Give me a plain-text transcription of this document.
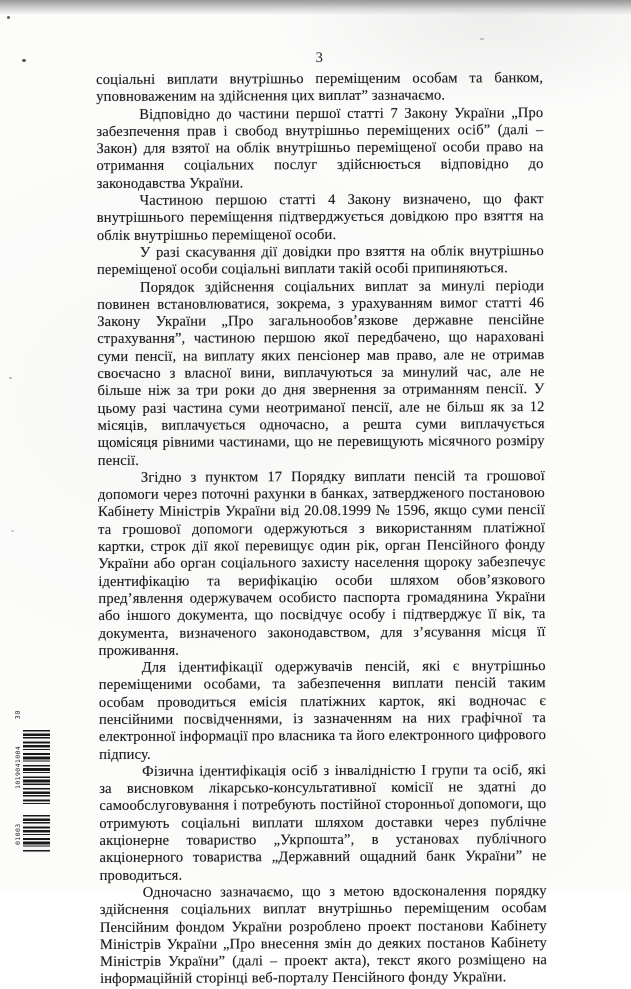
3

соціальні виплати внутрішньо переміщеним особам та банком, уповноваженим на здійснення цих виплат” зазначаємо.

Відповідно до частини першої статті 7 Закону України „Про забезпечення прав і свобод внутрішньо переміщених осіб” (далі – Закон) для взятої на облік внутрішньо переміщеної особи право на отримання соціальних послуг здійснюється відповідно до законодавства України.

Частиною першою статті 4 Закону визначено, що факт внутрішнього переміщення підтверджується довідкою про взяття на облік внутрішньо переміщеної особи.

У разі скасування дії довідки про взяття на облік внутрішньо переміщеної особи соціальні виплати такій особі припиняються.

Порядок здійснення соціальних виплат за минулі періоди повинен встановлюватися, зокрема, з урахуванням вимог статті 46 Закону України „Про загальнообов’язкове державне пенсійне страхування”, частиною першою якої передбачено, що нараховані суми пенсії, на виплату яких пенсіонер мав право, але не отримав своєчасно з власної вини, виплачуються за минулий час, але не більше ніж за три роки до дня звернення за отриманням пенсії. У цьому разі частина суми неотриманої пенсії, але не більш як за 12 місяців, виплачується одночасно, а решта суми виплачується щомісяця рівними частинами, що не перевищують місячного розміру пенсії.

Згідно з пунктом 17 Порядку виплати пенсій та грошової допомоги через поточні рахунки в банках, затвердженого постановою Кабінету Міністрів України від 20.08.1999 № 1596, якщо суми пенсії та грошової допомоги одержуються з використанням платіжної картки, строк дії якої перевищує один рік, орган Пенсійного фонду України або орган соціального захисту населення щороку забезпечує ідентифікацію та верифікацію особи шляхом обов’язкового пред’явлення одержувачем особисто паспорта громадянина України або іншого документа, що посвідчує особу і підтверджує її вік, та документа, визначеного законодавством, для з’ясування місця її проживання.

Для ідентифікації одержувачів пенсій, які є внутрішньо переміщеними особами, та забезпечення виплати пенсій таким особам проводиться емісія платіжних карток, які водночас є пенсійними посвідченнями, із зазначенням на них графічної та електронної інформації про власника та його електронного цифрового підпису.

Фізична ідентифікація осіб з інвалідністю I групи та осіб, які за висновком лікарсько-консультативної комісії не здатні до самообслуговування і потребують постійної сторонньої допомоги, що отримують соціальні виплати шляхом доставки через публічне акціонерне товариство „Укрпошта”, в установах публічного акціонерного товариства „Державний ощадний банк України” не проводиться.

Одночасно зазначаємо, що з метою вдосконалення порядку здійснення соціальних виплат внутрішньо переміщеним особам Пенсійним фондом України розроблено проект постанови Кабінету Міністрів України „Про внесення змін до деяких постанов Кабінету Міністрів України” (далі – проект акта), текст якого розміщено на інформаційній сторінці веб-порталу Пенсійного фонду України.

30
1019041004
01003
